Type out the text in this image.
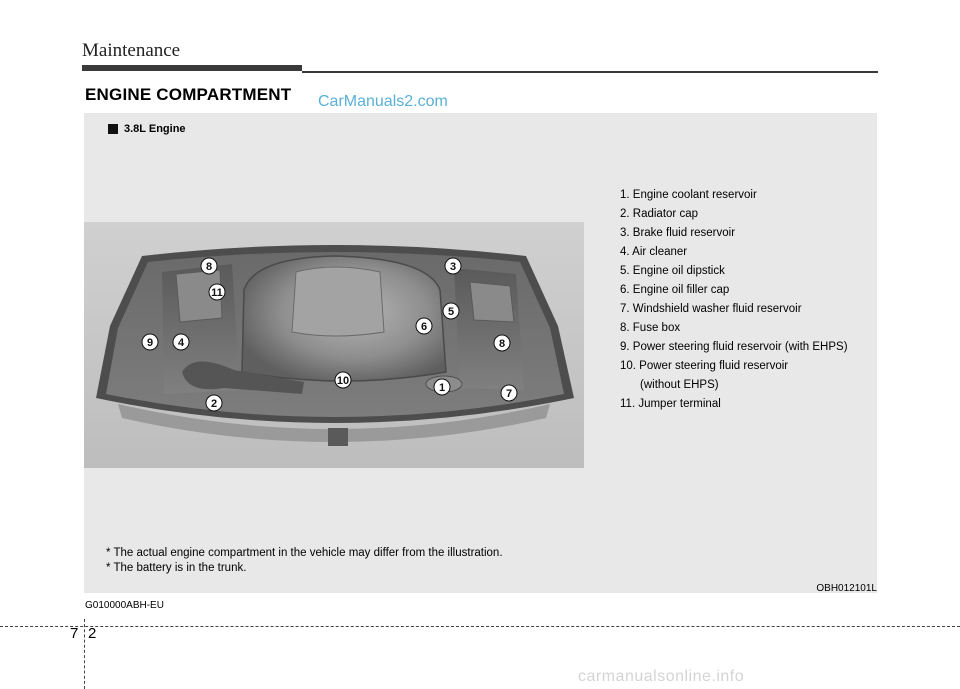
Maintenance
ENGINE COMPARTMENT CarManuals2.com
3.8L Engine
8	3
11
5
6
9 4	8
10
1	7
2
1. Engine coolant reservoir
2. Radiator cap
3. Brake fluid reservoir
4. Air cleaner
5. Engine oil dipstick
6. Engine oil filler cap
7. Windshield washer fluid reservoir
8. Fuse box
9. Power steering fluid reservoir (with EHPS)
10. Power steering fluid reservoir
(without EHPS)
11. Jumper terminal
* The actual engine compartment in the vehicle may differ from the illustration.
* The battery is in the trunk.
OBH012101L
G010000ABH-EU
7 2
carmanualsonline.info
